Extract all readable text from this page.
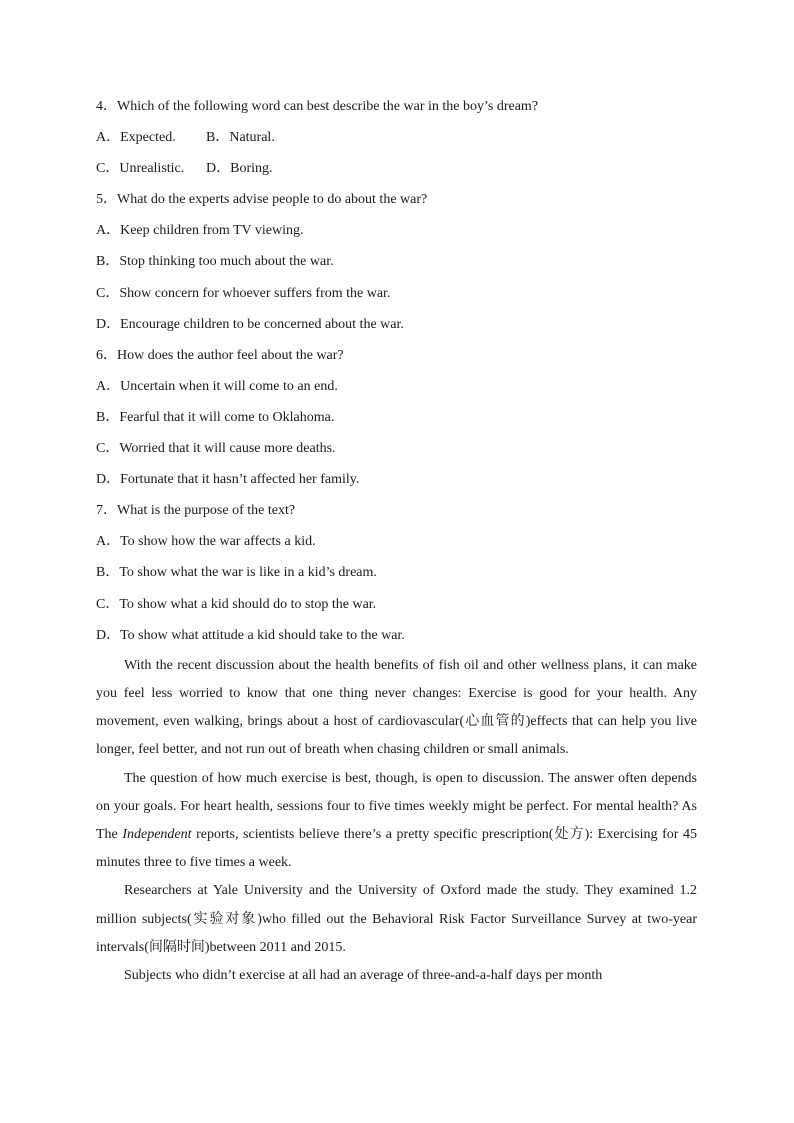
4．Which of the following word can best describe the war in the boy’s dream?
A．Expected. B．Natural.
C．Unrealistic. D．Boring.
5．What do the experts advise people to do about the war?
A．Keep children from TV viewing.
B．Stop thinking too much about the war.
C．Show concern for whoever suffers from the war.
D．Encourage children to be concerned about the war.
6．How does the author feel about the war?
A．Uncertain when it will come to an end.
B．Fearful that it will come to Oklahoma.
C．Worried that it will cause more deaths.
D．Fortunate that it hasn’t affected her family.
7．What is the purpose of the text?
A．To show how the war affects a kid.
B．To show what the war is like in a kid’s dream.
C．To show what a kid should do to stop the war.
D．To show what attitude a kid should take to the war.

With the recent discussion about the health benefits of fish oil and other wellness plans, it can make you feel less worried to know that one thing never changes: Exercise is good for your health. Any movement, even walking, brings about a host of cardiovascular(心血管的)effects that can help you live longer, feel better, and not run out of breath when chasing children or small animals.

The question of how much exercise is best, though, is open to discussion. The answer often depends on your goals. For heart health, sessions four to five times weekly might be perfect. For mental health? As The Independent reports, scientists believe there’s a pretty specific prescription(处方): Exercising for 45 minutes three to five times a week.

Researchers at Yale University and the University of Oxford made the study. They examined 1.2 million subjects(实验对象)who filled out the Behavioral Risk Factor Surveillance Survey at two-year intervals(间隔时间)between 2011 and 2015.

Subjects who didn’t exercise at all had an average of three-and-a-half days per month
